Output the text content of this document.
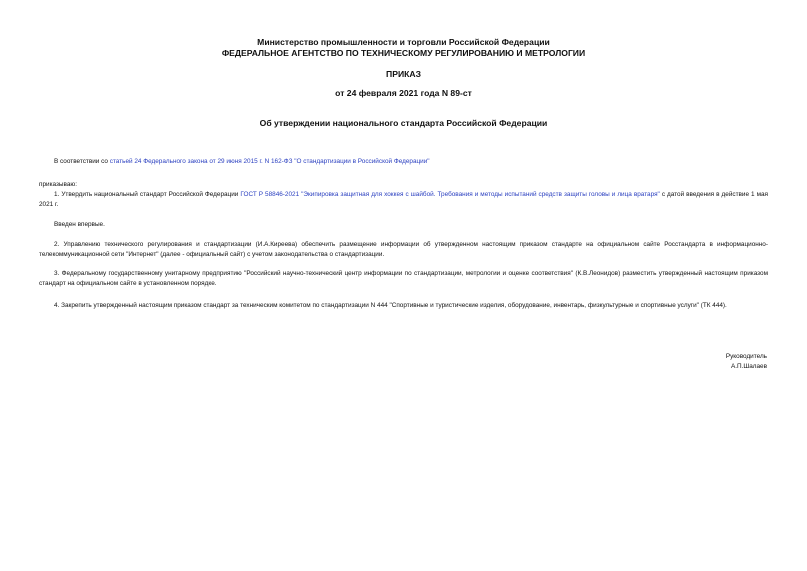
Министерство промышленности и торговли Российской Федерации
ФЕДЕРАЛЬНОЕ АГЕНТСТВО ПО ТЕХНИЧЕСКОМУ РЕГУЛИРОВАНИЮ И МЕТРОЛОГИИ
ПРИКАЗ
от 24 февраля 2021 года N 89-ст
Об утверждении национального стандарта Российской Федерации
В соответствии со статьей 24 Федерального закона от 29 июня 2015 г. N 162-ФЗ "О стандартизации в Российской Федерации"
приказываю:
1. Утвердить национальный стандарт Российской Федерации ГОСТ Р 58846-2021 "Экипировка защитная для хоккея с шайбой. Требования и методы испытаний средств защиты головы и лица вратаря" с датой введения в действие 1 мая 2021 г.
Введен впервые.
2. Управлению технического регулирования и стандартизации (И.А.Киреева) обеспечить размещение информации об утвержденном настоящим приказом стандарте на официальном сайте Росстандарта в информационно-телекоммуникационной сети "Интернет" (далее - официальный сайт) с учетом законодательства о стандартизации.
3. Федеральному государственному унитарному предприятию "Российский научно-технический центр информации по стандартизации, метрологии и оценке соответствия" (К.В.Леонидов) разместить утвержденный настоящим приказом стандарт на официальном сайте в установленном порядке.
4. Закрепить утвержденный настоящим приказом стандарт за техническим комитетом по стандартизации N 444 "Спортивные и туристические изделия, оборудование, инвентарь, физкультурные и спортивные услуги" (ТК 444).
Руководитель
А.П.Шалаев
